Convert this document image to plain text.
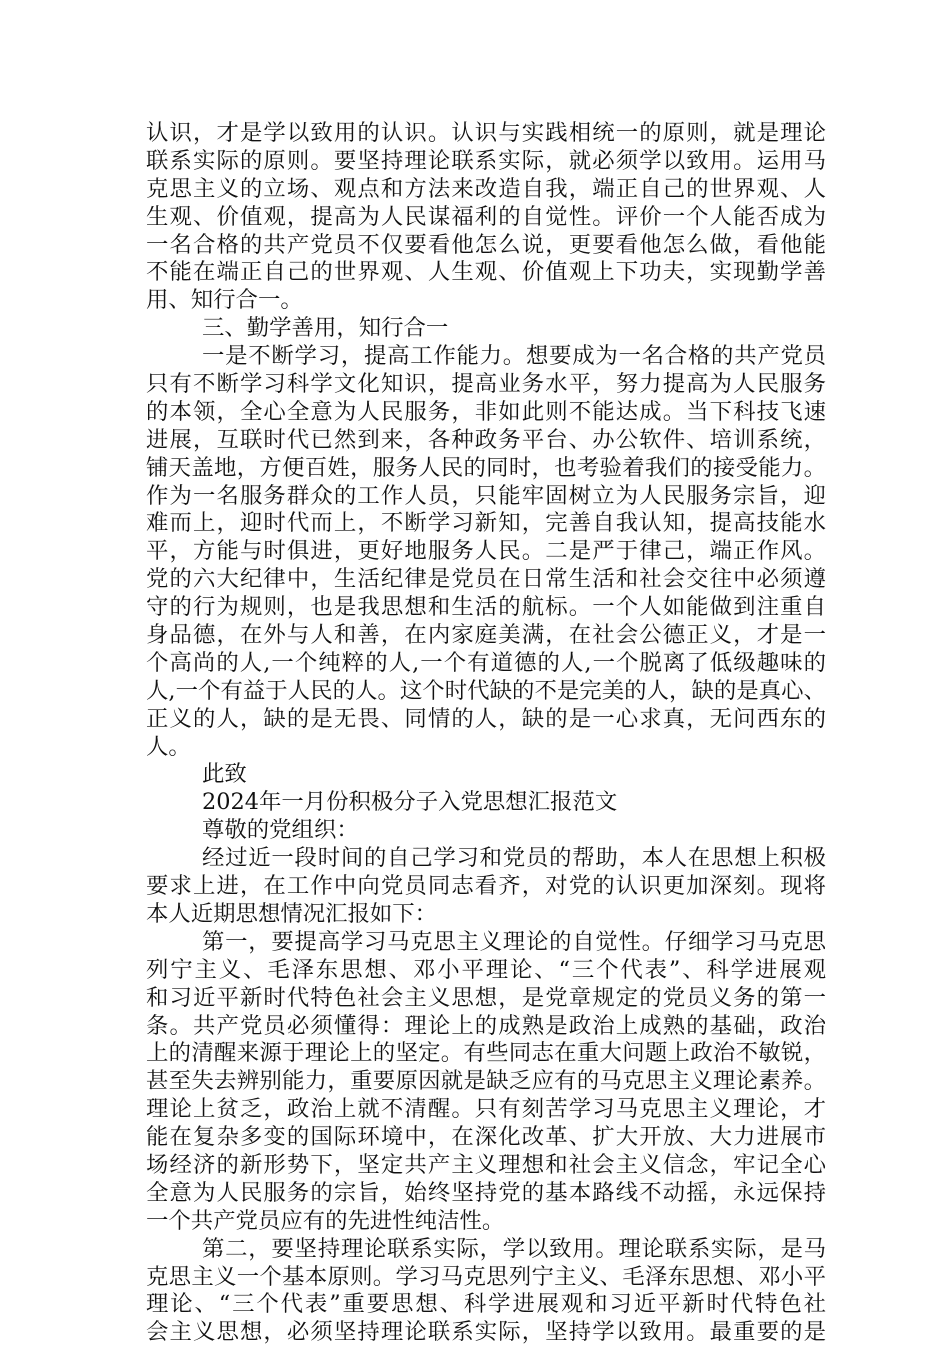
认识，才是学以致用的认识。认识与实践相统一的原则，就是理论
联系实际的原则。要坚持理论联系实际，就必须学以致用。运用马
克思主义的立场、观点和方法来改造自我，端正自己的世界观、人
生观、价值观，提高为人民谋福利的自觉性。评价一个人能否成为
一名合格的共产党员不仅要看他怎么说，更要看他怎么做，看他能
不能在端正自己的世界观、人生观、价值观上下功夫，实现勤学善
用、知行合一。
三、勤学善用，知行合一
一是不断学习，提高工作能力。想要成为一名合格的共产党员
只有不断学习科学文化知识，提高业务水平，努力提高为人民服务
的本领，全心全意为人民服务，非如此则不能达成。当下科技飞速
进展，互联时代已然到来，各种政务平台、办公软件、培训系统，
铺天盖地，方便百姓，服务人民的同时，也考验着我们的接受能力。
作为一名服务群众的工作人员，只能牢固树立为人民服务宗旨，迎
难而上，迎时代而上，不断学习新知，完善自我认知，提高技能水
平，方能与时俱进，更好地服务人民。二是严于律己，端正作风。
党的六大纪律中，生活纪律是党员在日常生活和社会交往中必须遵
守的行为规则，也是我思想和生活的航标。一个人如能做到注重自
身品德，在外与人和善，在内家庭美满，在社会公德正义，才是一
个高尚的人,一个纯粹的人,一个有道德的人,一个脱离了低级趣味的
人,一个有益于人民的人。这个时代缺的不是完美的人，缺的是真心、
正义的人，缺的是无畏、同情的人，缺的是一心求真，无问西东的
人。
此致
2024年一月份积极分子入党思想汇报范文
尊敬的党组织：
经过近一段时间的自己学习和党员的帮助，本人在思想上积极
要求上进，在工作中向党员同志看齐，对党的认识更加深刻。现将
本人近期思想情况汇报如下：
第一，要提高学习马克思主义理论的自觉性。仔细学习马克思
列宁主义、毛泽东思想、邓小平理论、“三个代表”、科学进展观
和习近平新时代特色社会主义思想，是党章规定的党员义务的第一
条。共产党员必须懂得：理论上的成熟是政治上成熟的基础，政治
上的清醒来源于理论上的坚定。有些同志在重大问题上政治不敏锐，
甚至失去辨别能力，重要原因就是缺乏应有的马克思主义理论素养。
理论上贫乏，政治上就不清醒。只有刻苦学习马克思主义理论，才
能在复杂多变的国际环境中，在深化改革、扩大开放、大力进展市
场经济的新形势下，坚定共产主义理想和社会主义信念，牢记全心
全意为人民服务的宗旨，始终坚持党的基本路线不动摇，永远保持
一个共产党员应有的先进性纯洁性。
第二，要坚持理论联系实际，学以致用。理论联系实际，是马
克思主义一个基本原则。学习马克思列宁主义、毛泽东思想、邓小平
理论、“三个代表”重要思想、科学进展观和习近平新时代特色社
会主义思想，必须坚持理论联系实际，坚持学以致用。最重要的是
